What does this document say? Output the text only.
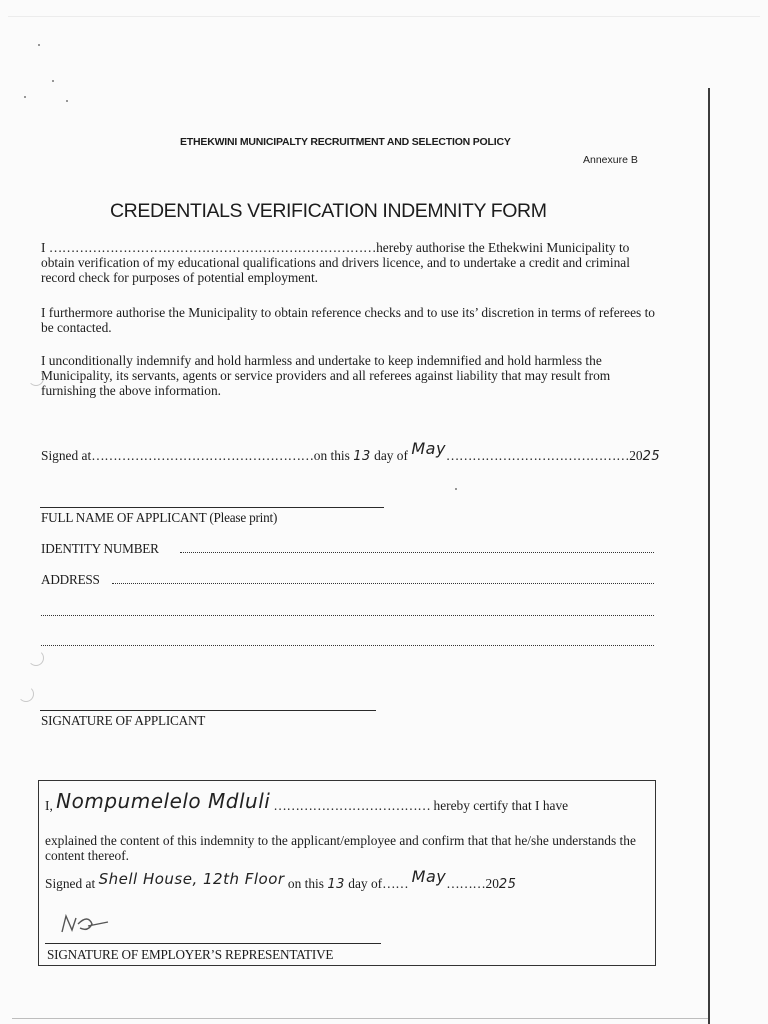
ETHEKWINI MUNICIPALTY RECRUITMENT AND SELECTION POLICY
Annexure B
CREDENTIALS VERIFICATION INDEMNITY FORM

I …………………………………………………………………hereby authorise the Ethekwini Municipality to obtain verification of my educational qualifications and drivers licence, and to undertake a credit and criminal record check for purposes of potential employment.

I furthermore authorise the Municipality to obtain reference checks and to use its’ discretion in terms of referees to be contacted.

I unconditionally indemnify and hold harmless and undertake to keep indemnified and hold harmless the Municipality, its servants, agents or service providers and all referees against liability that may result from furnishing the above information.

Signed at……………………………………………on this 13 day of May……………………………………2025
FULL NAME OF APPLICANT (Please print)
IDENTITY NUMBER
ADDRESS
SIGNATURE OF APPLICANT
I, Nompumelelo Mdluli ……………………………… hereby certify that I have
explained the content of this indemnity to the applicant/employee and confirm that that he/she understands the content thereof.
Signed at Shell House, 12th Floor on this 13 day of…… May………2025
SIGNATURE OF EMPLOYER’S REPRESENTATIVE
